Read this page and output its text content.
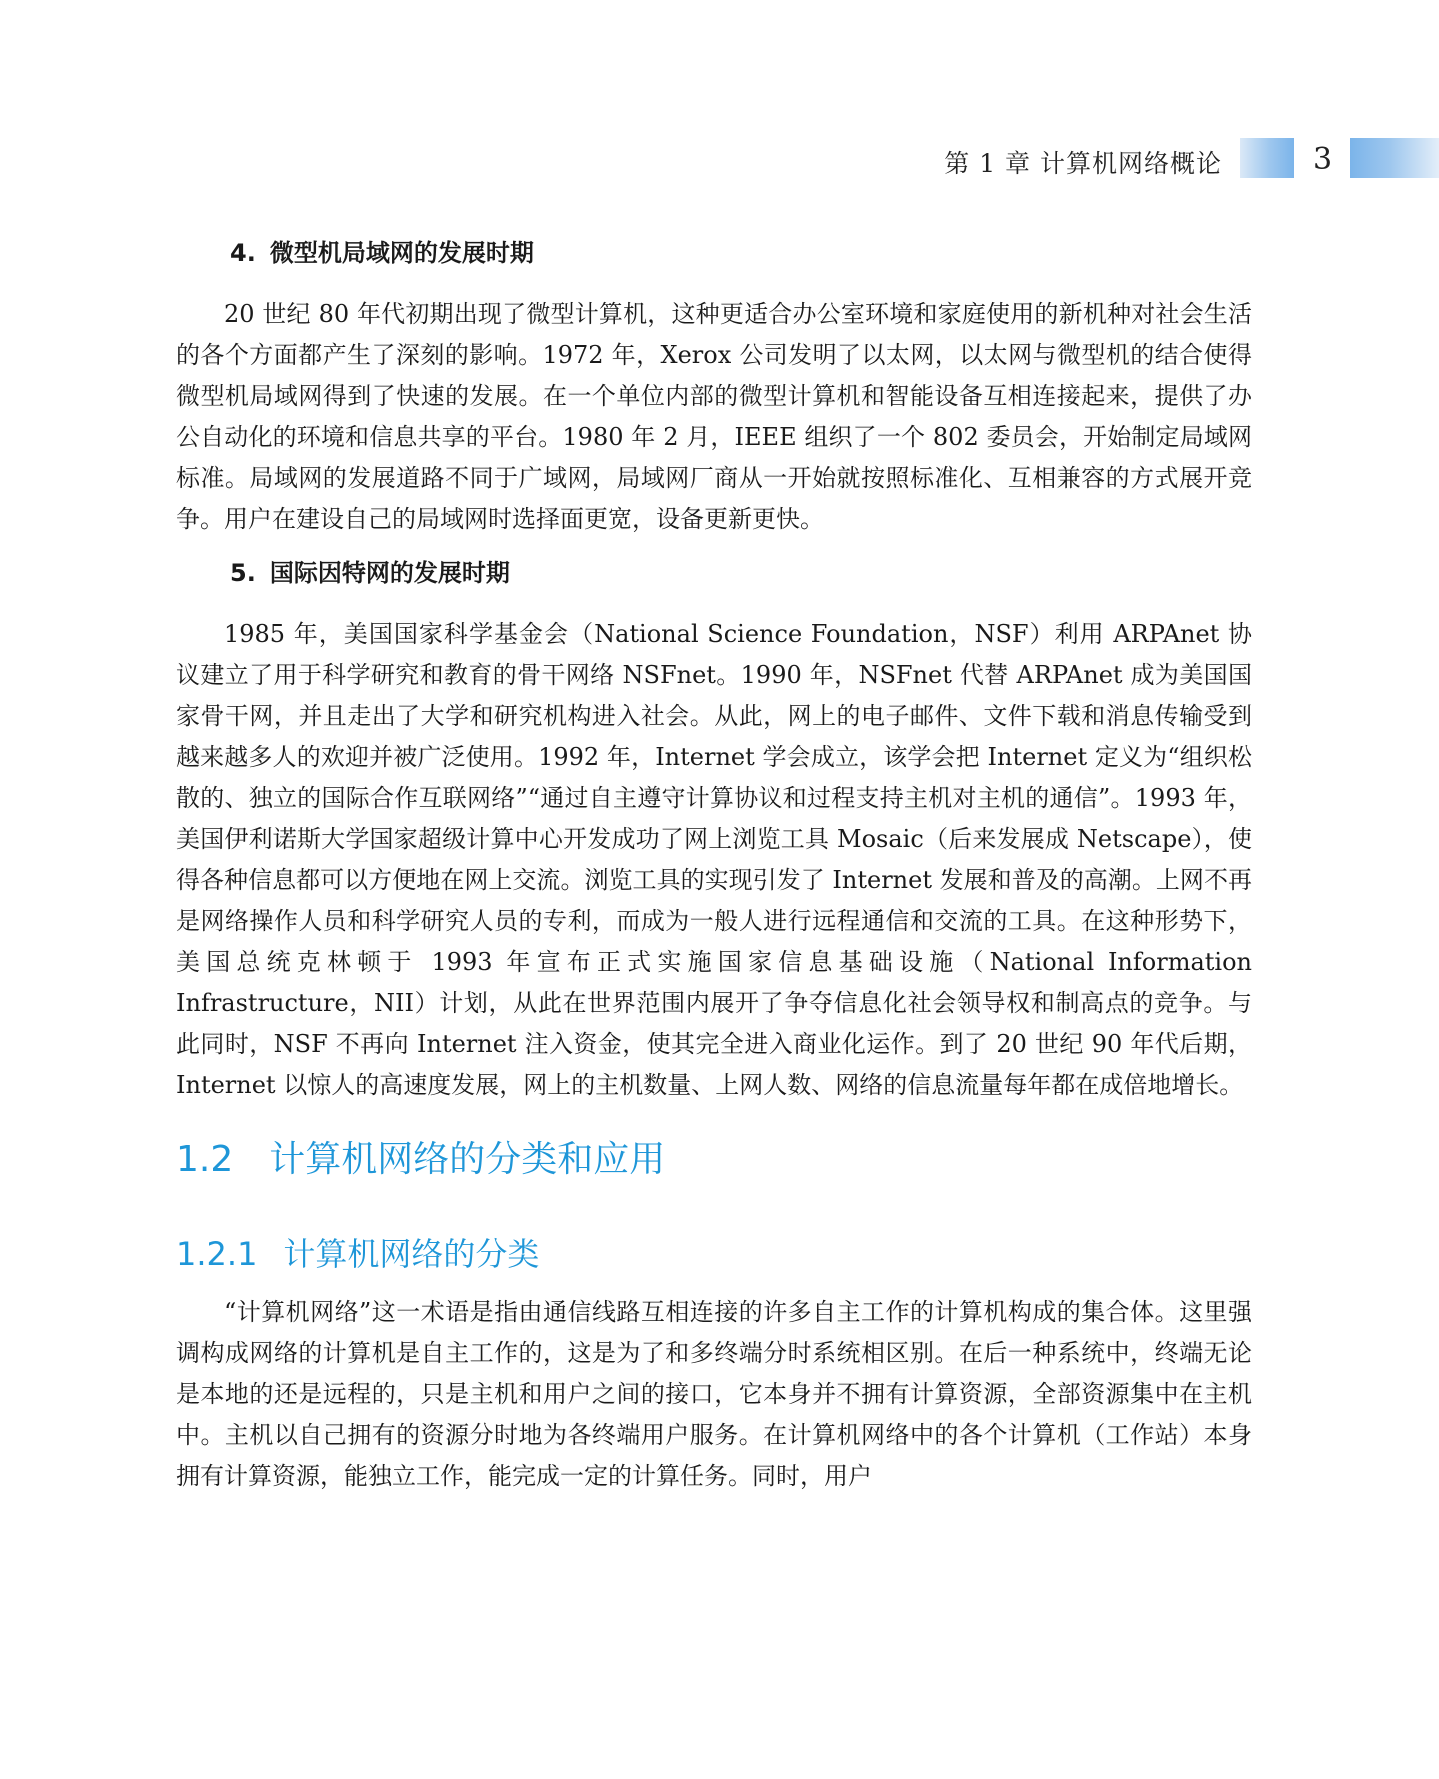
第 1 章 计算机网络概论	3
4. 微型机局域网的发展时期

20 世纪 80 年代初期出现了微型计算机，这种更适合办公室环境和家庭使用的新机种对社会生活的各个方面都产生了深刻的影响。1972 年，Xerox 公司发明了以太网，以太网与微型机的结合使得微型机局域网得到了快速的发展。在一个单位内部的微型计算机和智能设备互相连接起来，提供了办公自动化的环境和信息共享的平台。1980 年 2 月，IEEE 组织了一个 802 委员会，开始制定局域网标准。局域网的发展道路不同于广域网，局域网厂商从一开始就按照标准化、互相兼容的方式展开竞争。用户在建设自己的局域网时选择面更宽，设备更新更快。

5. 国际因特网的发展时期

1985 年，美国国家科学基金会（National Science Foundation，NSF）利用 ARPAnet 协议建立了用于科学研究和教育的骨干网络 NSFnet。1990 年，NSFnet 代替 ARPAnet 成为美国国家骨干网，并且走出了大学和研究机构进入社会。从此，网上的电子邮件、文件下载和消息传输受到越来越多人的欢迎并被广泛使用。1992 年，Internet 学会成立，该学会把 Internet 定义为“组织松散的、独立的国际合作互联网络”“通过自主遵守计算协议和过程支持主机对主机的通信”。1993 年，美国伊利诺斯大学国家超级计算中心开发成功了网上浏览工具 Mosaic（后来发展成 Netscape），使得各种信息都可以方便地在网上交流。浏览工具的实现引发了 Internet 发展和普及的高潮。上网不再是网络操作人员和科学研究人员的专利，而成为一般人进行远程通信和交流的工具。在这种形势下，美国总统克林顿于 1993 年宣布正式实施国家信息基础设施（National Information Infrastructure，NII）计划，从此在世界范围内展开了争夺信息化社会领导权和制高点的竞争。与此同时，NSF 不再向 Internet 注入资金，使其完全进入商业化运作。到了 20 世纪 90 年代后期，Internet 以惊人的高速度发展，网上的主机数量、上网人数、网络的信息流量每年都在成倍地增长。

1.2 计算机网络的分类和应用
1.2.1 计算机网络的分类

“计算机网络”这一术语是指由通信线路互相连接的许多自主工作的计算机构成的集合体。这里强调构成网络的计算机是自主工作的，这是为了和多终端分时系统相区别。在后一种系统中，终端无论是本地的还是远程的，只是主机和用户之间的接口，它本身并不拥有计算资源，全部资源集中在主机中。主机以自己拥有的资源分时地为各终端用户服务。在计算机网络中的各个计算机（工作站）本身拥有计算资源，能独立工作，能完成一定的计算任务。同时，用户
